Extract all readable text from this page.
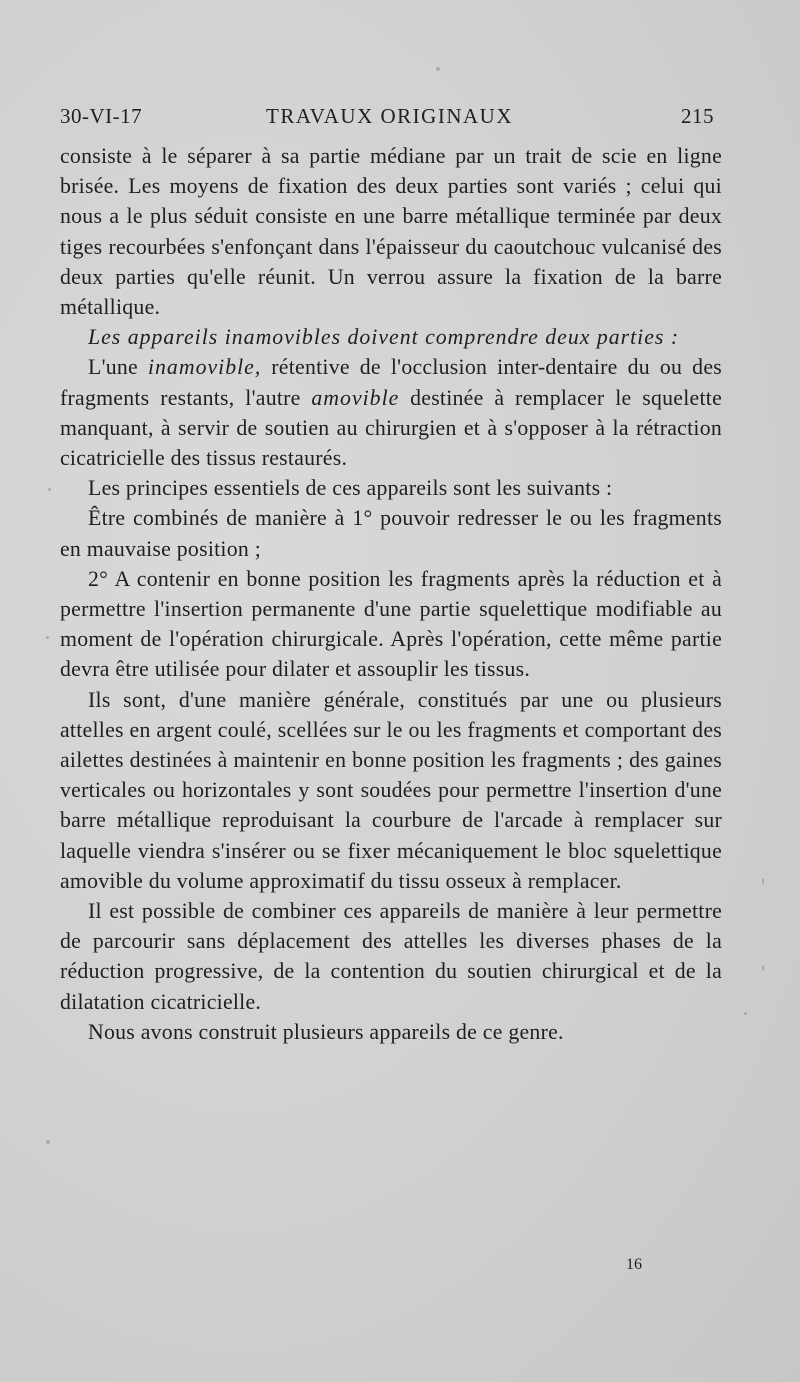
30-VI-17	TRAVAUX ORIGINAUX	215

consiste à le séparer à sa partie médiane par un trait de scie en ligne brisée. Les moyens de fixation des deux parties sont variés ; celui qui nous a le plus séduit consiste en une barre métallique terminée par deux tiges recourbées s'enfonçant dans l'épaisseur du caoutchouc vulcanisé des deux parties qu'elle réunit. Un verrou assure la fixation de la barre métallique.

Les appareils inamovibles doivent comprendre deux parties :

L'une inamovible, rétentive de l'occlusion inter-dentaire du ou des fragments restants, l'autre amovible destinée à remplacer le squelette manquant, à servir de soutien au chirurgien et à s'opposer à la rétraction cicatricielle des tissus restaurés.

Les principes essentiels de ces appareils sont les suivants :

Être combinés de manière à 1° pouvoir redresser le ou les fragments en mauvaise position ;

2° A contenir en bonne position les fragments après la réduction et à permettre l'insertion permanente d'une partie squelettique modifiable au moment de l'opération chirurgicale. Après l'opération, cette même partie devra être utilisée pour dilater et assouplir les tissus.

Ils sont, d'une manière générale, constitués par une ou plusieurs attelles en argent coulé, scellées sur le ou les fragments et comportant des ailettes destinées à maintenir en bonne position les fragments ; des gaines verticales ou horizontales y sont soudées pour permettre l'insertion d'une barre métallique reproduisant la courbure de l'arcade à remplacer sur laquelle viendra s'insérer ou se fixer mécaniquement le bloc squelettique amovible du volume approximatif du tissu osseux à remplacer.

Il est possible de combiner ces appareils de manière à leur permettre de parcourir sans déplacement des attelles les diverses phases de la réduction progressive, de la contention du soutien chirurgical et de la dilatation cicatricielle.

Nous avons construit plusieurs appareils de ce genre.

16
